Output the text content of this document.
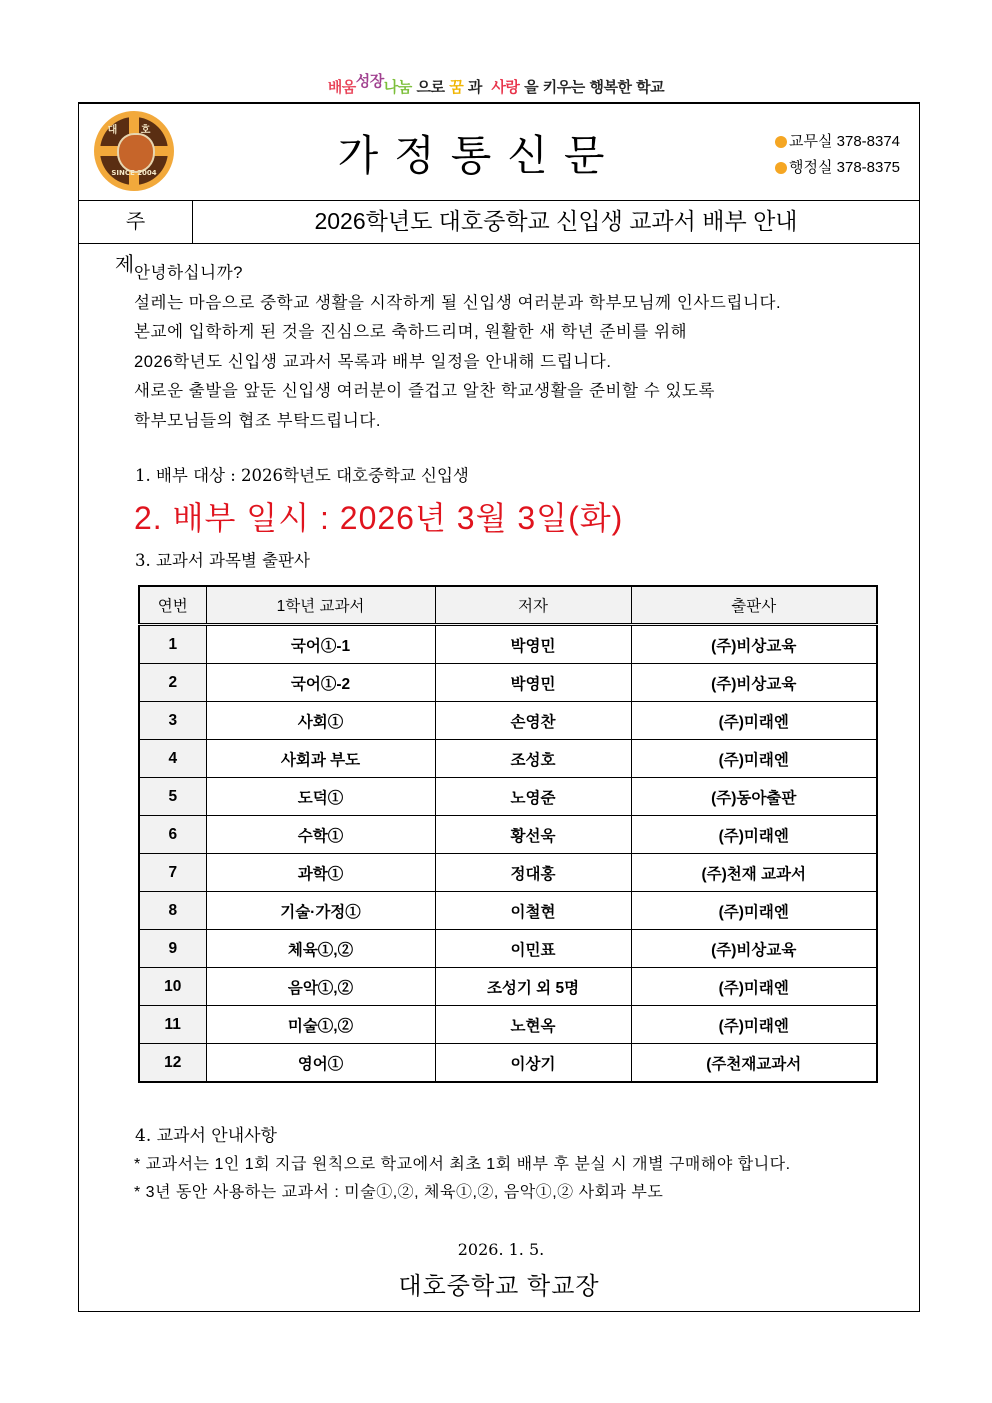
배움성장나눔 으로 꿈 과  사랑 을 키우는 행복한 학교
대 호
SINCE 2004	가정통신문	교무실 378-8374
행정실 378-8375
주 제
2026학년도 대호중학교 신입생 교과서 배부 안내

안녕하십니까?

설레는 마음으로 중학교 생활을 시작하게 될 신입생 여러분과 학부모님께 인사드립니다.

본교에 입학하게 된 것을 진심으로 축하드리며, 원활한 새 학년 준비를 위해

2026학년도 신입생 교과서 목록과 배부 일정을 안내해 드립니다.

새로운 출발을 앞둔 신입생 여러분이 즐겁고 알찬 학교생활을 준비할 수 있도록

학부모님들의 협조 부탁드립니다.

1. 배부 대상 : 2026학년도 대호중학교 신입생
2. 배부 일시 : 2026년 3월 3일(화)
3. 교과서 과목별 출판사
연번	1학년 교과서	저자	출판사
1	국어①-1	박영민	(주)비상교육
2	국어①-2	박영민	(주)비상교육
3	사회①	손영찬	(주)미래엔
4	사회과 부도	조성호	(주)미래엔
5	도덕①	노영준	(주)동아출판
6	수학①	황선욱	(주)미래엔
7	과학①	정대홍	(주)천재 교과서
8	기술·가정①	이철현	(주)미래엔
9	체육①,②	이민표	(주)비상교육
10	음악①,②	조성기 외 5명	(주)미래엔
11	미술①,②	노현옥	(주)미래엔
12	영어①	이상기	(주천재교과서
4. 교과서 안내사항

* 교과서는 1인 1회 지급 원칙으로 학교에서 최초 1회 배부 후 분실 시 개별 구매해야 합니다.

* 3년 동안 사용하는 교과서 : 미술①,②, 체육①,②, 음악①,② 사회과 부도

2026. 1. 5.
대호중학교 학교장
